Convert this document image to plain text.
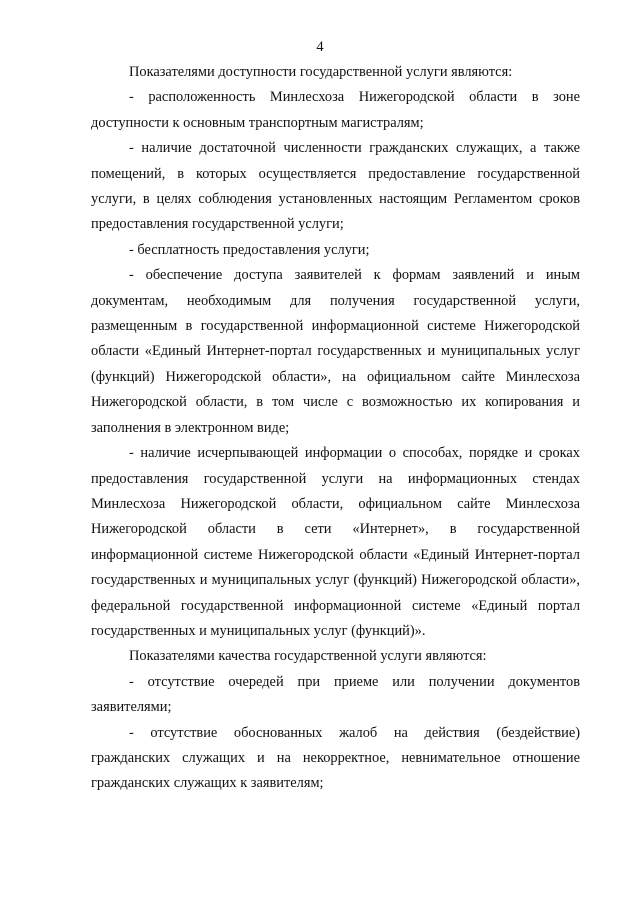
4

Показателями доступности государственной услуги являются:

- расположенность Минлесхоза Нижегородской области в зоне доступности к основным транспортным магистралям;

- наличие достаточной численности гражданских служащих, а также помещений, в которых осуществляется предоставление государственной услуги, в целях соблюдения установленных настоящим Регламентом сроков предоставления государственной услуги;

- бесплатность предоставления услуги;

- обеспечение доступа заявителей к формам заявлений и иным документам, необходимым для получения государственной услуги, размещенным в государственной информационной системе Нижегородской области «Единый Интернет-портал государственных и муниципальных услуг (функций) Нижегородской области», на официальном сайте Минлесхоза Нижегородской области, в том числе с возможностью их копирования и заполнения в электронном виде;

- наличие исчерпывающей информации о способах, порядке и сроках предоставления государственной услуги на информационных стендах Минлесхоза Нижегородской области, официальном сайте Минлесхоза Нижегородской области в сети «Интернет», в государственной информационной системе Нижегородской области «Единый Интернет-портал государственных и муниципальных услуг (функций) Нижегородской области», федеральной государственной информационной системе «Единый портал государственных и муниципальных услуг (функций)».

Показателями качества государственной услуги являются:

- отсутствие очередей при приеме или получении документов заявителями;

- отсутствие обоснованных жалоб на действия (бездействие) гражданских служащих и на некорректное, невнимательное отношение гражданских служащих к заявителям;
